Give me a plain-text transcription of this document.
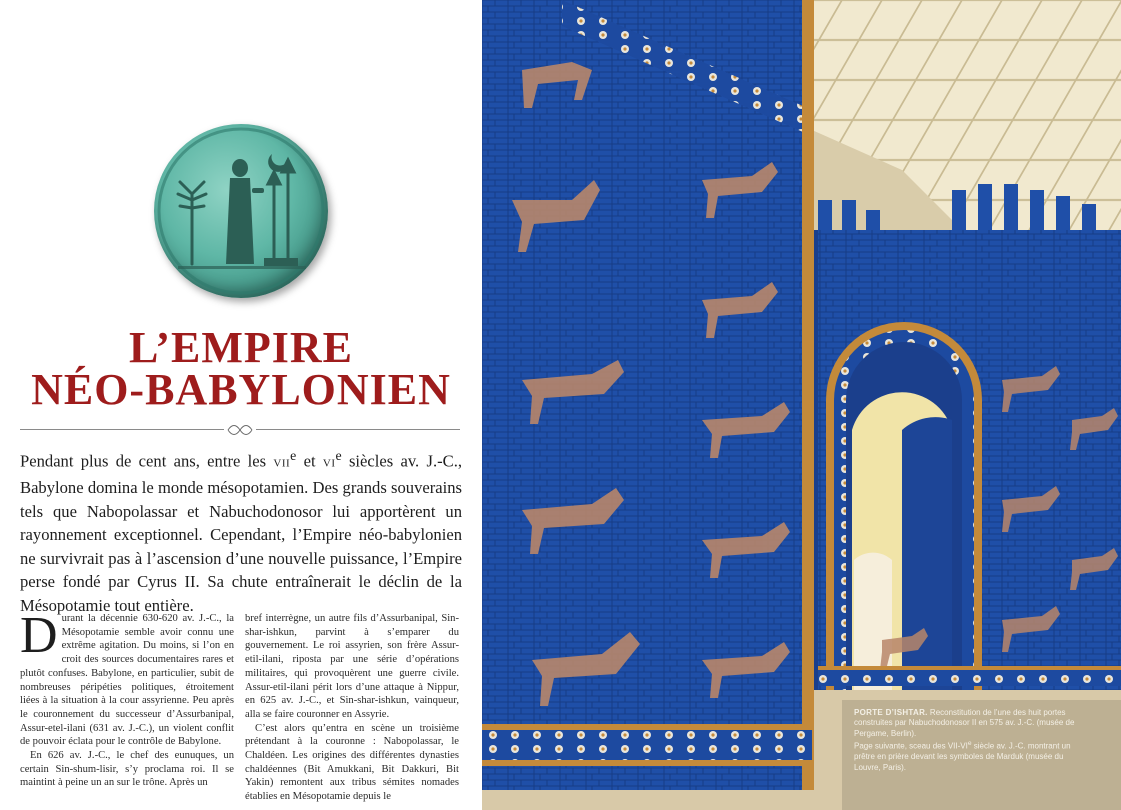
L’EMPIRE
NÉO-BABYLONIEN

Pendant plus de cent ans, entre les VIIe et VIe siècles av. J.-C., Babylone domina le monde mésopotamien. Des grands souverains tels que Nabopolassar et Nabuchodonosor lui apportèrent un rayonnement exceptionnel. Cependant, l’Empire néo-babylonien ne survivrait pas à l’ascension d’une nouvelle puissance, l’Empire perse fondé par Cyrus II. Sa chute entraînerait le déclin de la Mésopotamie tout entière.

Durant la décennie 630-620 av. J.-C., la Mésopotamie semble avoir connu une extrême agitation. Du moins, si l’on en croit des sources documentaires rares et plutôt confuses. Babylone, en particulier, subit de nombreuses péripéties politiques, étroitement liées à la situation à la cour assyrienne. Peu après le couronnement du successeur d’Assurbanipal, Assur-etel-ilani (631 av. J.-C.), un violent conflit de pouvoir éclata pour le contrôle de Babylone.

En 626 av. J.-C., le chef des eunuques, un certain Sin-shum-lisir, s’y proclama roi. Il se maintint à peine un an sur le trône. Après un

bref interrègne, un autre fils d’Assurbanipal, Sin-shar-ishkun, parvint à s’emparer du gouvernement. Le roi assyrien, son frère Assur-etil-ilani, riposta par une série d’opérations militaires, qui provoquèrent une guerre civile. Assur-etil-ilani périt lors d’une attaque à Nippur, en 625 av. J.-C., et Sin-shar-ishkun, vainqueur, alla se faire couronner en Assyrie.

C’est alors qu’entra en scène un troisième prétendant à la couronne : Nabopolassar, le Chaldéen. Les origines des différentes dynasties chaldéennes (Bit Amukkani, Bit Dakkuri, Bit Yakin) remontent aux tribus sémites nomades établies en Mésopotamie depuis le

PORTE D’ISHTAR. Reconstitution de l’une des huit portes construites par Nabuchodonosor II en 575 av. J.-C. (musée de Pergame, Berlin).

Page suivante, sceau des VII-VIe siècle av. J.-C. montrant un prêtre en prière devant les symboles de Marduk (musée du Louvre, Paris).
